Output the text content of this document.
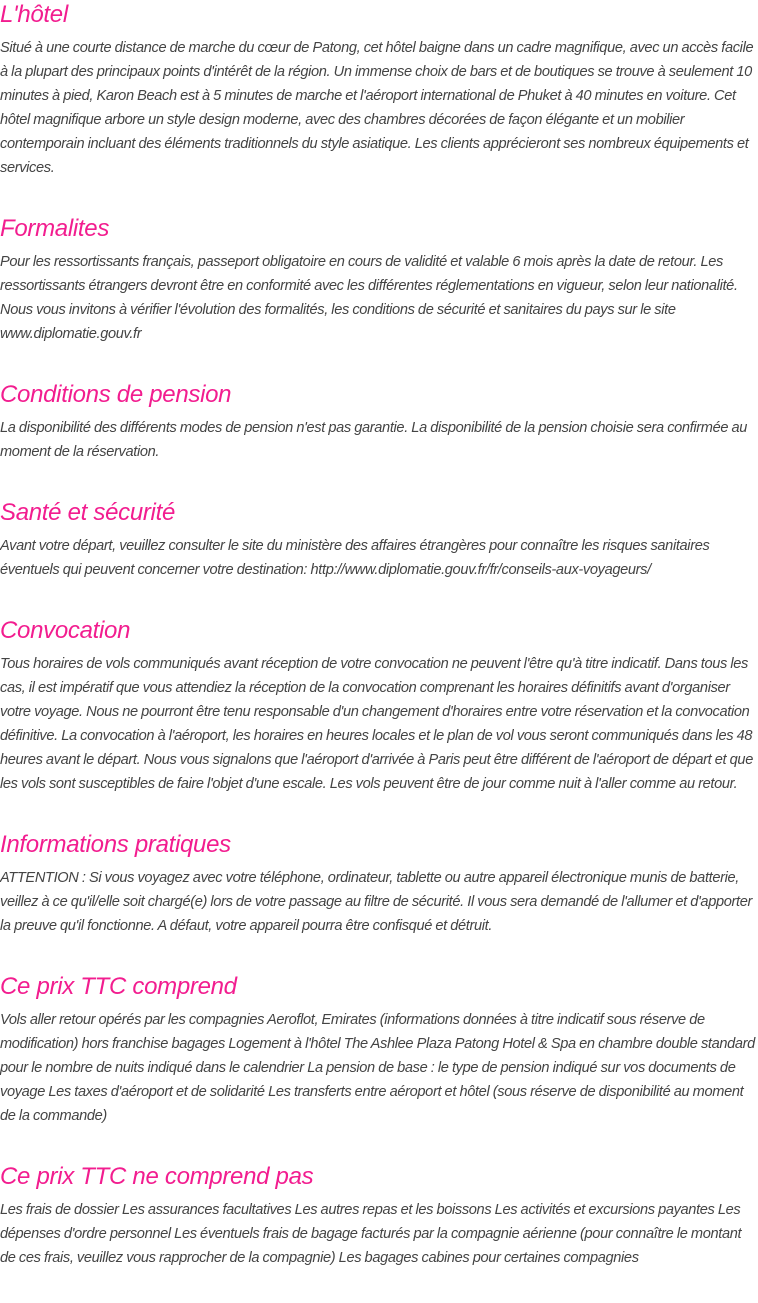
L'hôtel

Situé à une courte distance de marche du cœur de Patong, cet hôtel baigne dans un cadre magnifique, avec un accès facile à la plupart des principaux points d'intérêt de la région. Un immense choix de bars et de boutiques se trouve à seulement 10 minutes à pied, Karon Beach est à 5 minutes de marche et l'aéroport international de Phuket à 40 minutes en voiture. Cet hôtel magnifique arbore un style design moderne, avec des chambres décorées de façon élégante et un mobilier contemporain incluant des éléments traditionnels du style asiatique. Les clients apprécieront ses nombreux équipements et services.

Formalites

Pour les ressortissants français, passeport obligatoire en cours de validité et valable 6 mois après la date de retour. Les ressortissants étrangers devront être en conformité avec les différentes réglementations en vigueur, selon leur nationalité. Nous vous invitons à vérifier l'évolution des formalités, les conditions de sécurité et sanitaires du pays sur le site www.diplomatie.gouv.fr

Conditions de pension

La disponibilité des différents modes de pension n'est pas garantie. La disponibilité de la pension choisie sera confirmée au moment de la réservation.

Santé et sécurité

Avant votre départ, veuillez consulter le site du ministère des affaires étrangères pour connaître les risques sanitaires éventuels qui peuvent concerner votre destination: http://www.diplomatie.gouv.fr/fr/conseils-aux-voyageurs/

Convocation

Tous horaires de vols communiqués avant réception de votre convocation ne peuvent l'être qu'à titre indicatif. Dans tous les cas, il est impératif que vous attendiez la réception de la convocation comprenant les horaires définitifs avant d'organiser votre voyage. Nous ne pourront être tenu responsable d'un changement d'horaires entre votre réservation et la convocation définitive. La convocation à l'aéroport, les horaires en heures locales et le plan de vol vous seront communiqués dans les 48 heures avant le départ. Nous vous signalons que l'aéroport d'arrivée à Paris peut être différent de l'aéroport de départ et que les vols sont susceptibles de faire l'objet d'une escale. Les vols peuvent être de jour comme nuit à l'aller comme au retour.

Informations pratiques

ATTENTION : Si vous voyagez avec votre téléphone, ordinateur, tablette ou autre appareil électronique munis de batterie, veillez à ce qu'il/elle soit chargé(e) lors de votre passage au filtre de sécurité. Il vous sera demandé de l'allumer et d'apporter la preuve qu'il fonctionne. A défaut, votre appareil pourra être confisqué et détruit.

Ce prix TTC comprend

Vols aller retour opérés par les compagnies Aeroflot, Emirates (informations données à titre indicatif sous réserve de modification) hors franchise bagages Logement à l'hôtel The Ashlee Plaza Patong Hotel & Spa en chambre double standard pour le nombre de nuits indiqué dans le calendrier La pension de base : le type de pension indiqué sur vos documents de voyage Les taxes d'aéroport et de solidarité Les transferts entre aéroport et hôtel (sous réserve de disponibilité au moment de la commande)

Ce prix TTC ne comprend pas

Les frais de dossier Les assurances facultatives Les autres repas et les boissons Les activités et excursions payantes Les dépenses d'ordre personnel Les éventuels frais de bagage facturés par la compagnie aérienne (pour connaître le montant de ces frais, veuillez vous rapprocher de la compagnie) Les bagages cabines pour certaines compagnies
